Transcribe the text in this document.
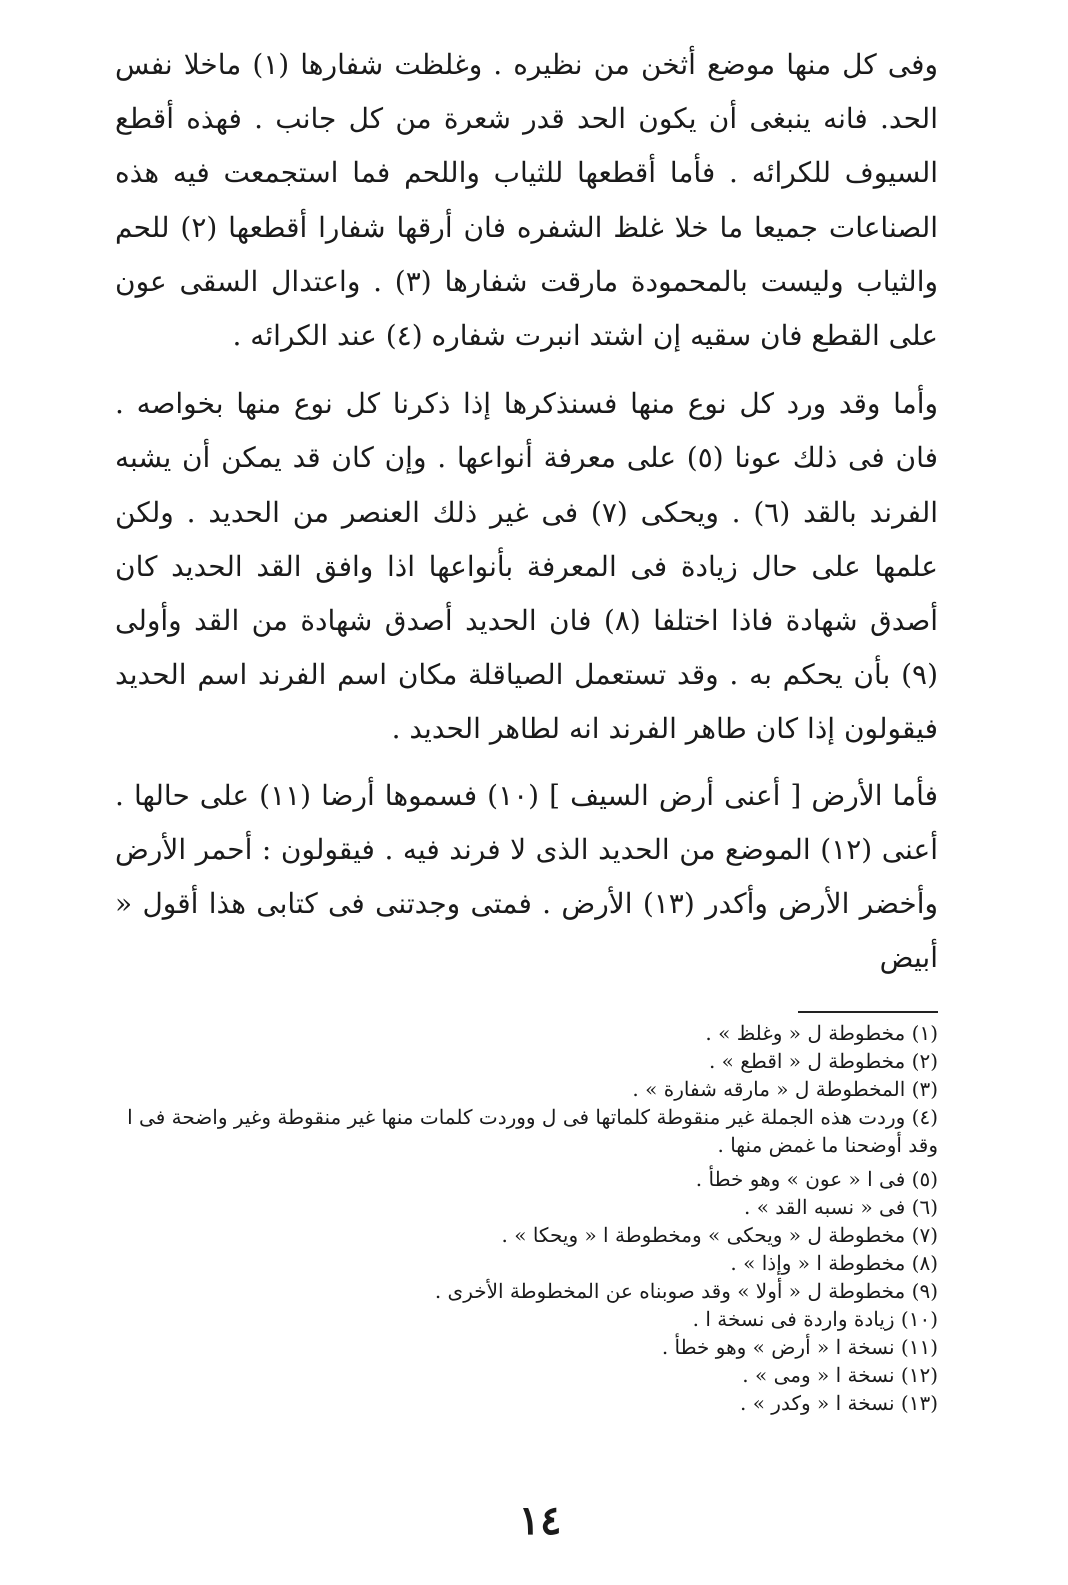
وفى كل منها موضع أثخن من نظيره . وغلظت شفارها (١) ماخلا نفس الحد. فانه ينبغى أن يكون الحد قدر شعرة من كل جانب . فهذه أقطع السيوف للكرائه . فأما أقطعها للثياب واللحم فما استجمعت فيه هذه الصناعات جميعا ما خلا غلظ الشفره فان أرقها شفارا أقطعها (٢) للحم والثياب وليست بالمحمودة مارقت شفارها (٣) . واعتدال السقى عون على القطع فان سقيه إن اشتد انبرت شفاره (٤) عند الكرائه .

وأما وقد ورد كل نوع منها فسنذكرها إذا ذكرنا كل نوع منها بخواصه . فان فى ذلك عونا (٥) على معرفة أنواعها . وإن كان قد يمكن أن يشبه الفرند بالقد (٦) . ويحكى (٧) فى غير ذلك العنصر من الحديد . ولكن علمها على حال زيادة فى المعرفة بأنواعها اذا وافق القد الحديد كان أصدق شهادة فاذا اختلفا (٨) فان الحديد أصدق شهادة من القد وأولى (٩) بأن يحكم به . وقد تستعمل الصياقلة مكان اسم الفرند اسم الحديد فيقولون إذا كان طاهر الفرند انه لطاهر الحديد .

فأما الأرض [ أعنى أرض السيف ] (١٠) فسموها أرضا (١١) على حالها . أعنى (١٢) الموضع من الحديد الذى لا فرند فيه . فيقولون : أحمر الأرض وأخضر الأرض وأكدر (١٣) الأرض . فمتى وجدتنى فى كتابى هذا أقول « أبيض

(١) مخطوطة ل « وغلظ » .
(٢) مخطوطة ل « اقطع » .
(٣) المخطوطة ل « مارقه شفارة » .
(٤) وردت هذه الجملة غير منقوطة كلماتها فى ل ووردت كلمات منها غير منقوطة وغير واضحة فى ا وقد أوضحنا ما غمض منها .
(٥) فى ا « عون » وهو خطأ .
(٦) فى « نسبه القد » .
(٧) مخطوطة ل « ويحكى » ومخطوطة ا « ويحكا » .
(٨) مخطوطة ا « وإذا » .
(٩) مخطوطة ل « أولا » وقد صوبناه عن المخطوطة الأخرى .
(١٠) زيادة واردة فى نسخة ا .
(١١) نسخة ا « أرض » وهو خطأ .
(١٢) نسخة ا « ومى » .
(١٣) نسخة ا « وكدر » .
١٤
